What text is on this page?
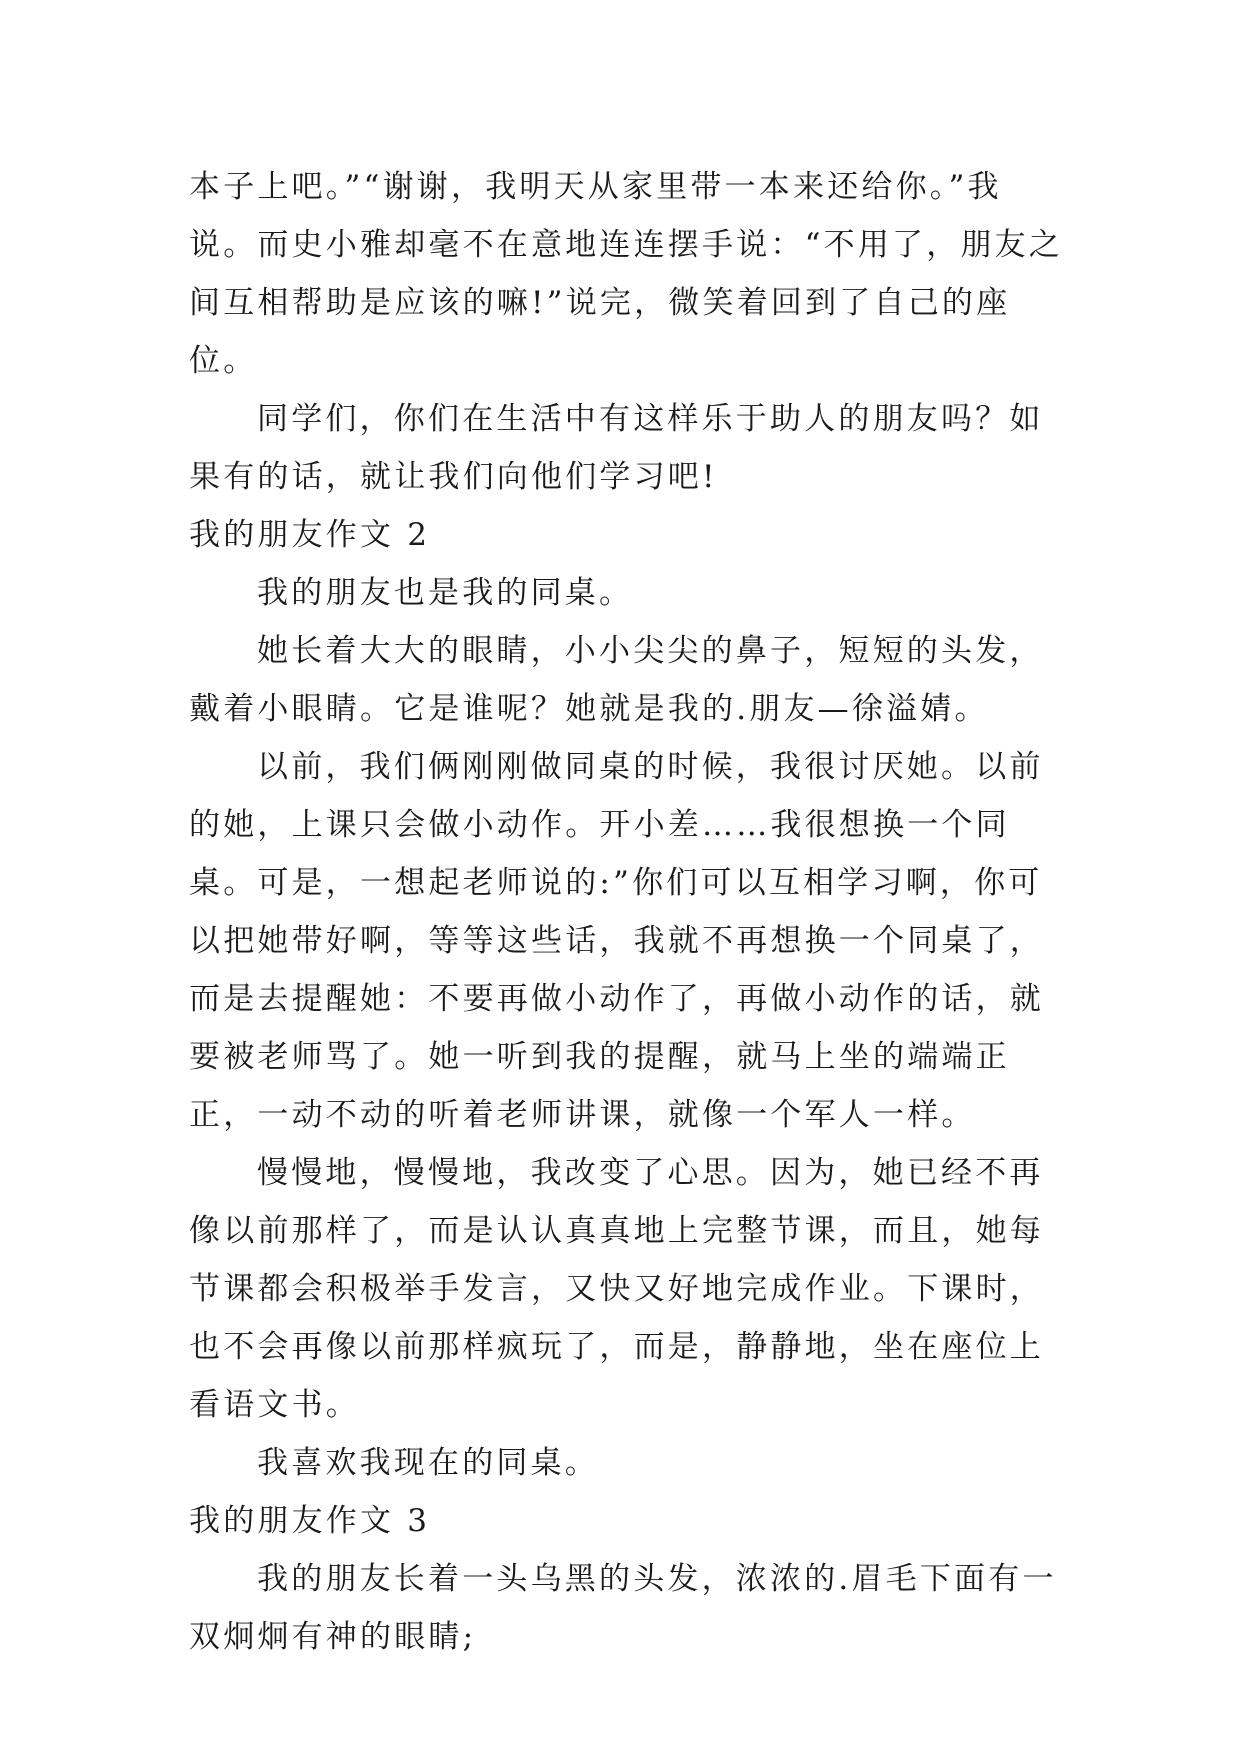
本子上吧。”“谢谢，我明天从家里带一本来还给你。”我说。而史小雅却毫不在意地连连摆手说：“不用了，朋友之间互相帮助是应该的嘛!”说完，微笑着回到了自己的座位。

同学们，你们在生活中有这样乐于助人的朋友吗？如果有的话，就让我们向他们学习吧!

我的朋友作文 2

我的朋友也是我的同桌。

她长着大大的眼睛，小小尖尖的鼻子，短短的头发，戴着小眼睛。它是谁呢？她就是我的.朋友—徐溢婧。

以前，我们俩刚刚做同桌的时候，我很讨厌她。以前的她，上课只会做小动作。开小差……我很想换一个同桌。可是，一想起老师说的:”你们可以互相学习啊，你可以把她带好啊，等等这些话，我就不再想换一个同桌了，而是去提醒她：不要再做小动作了，再做小动作的话，就要被老师骂了。她一听到我的提醒，就马上坐的端端正正，一动不动的听着老师讲课，就像一个军人一样。

慢慢地，慢慢地，我改变了心思。因为，她已经不再像以前那样了，而是认认真真地上完整节课，而且，她每节课都会积极举手发言，又快又好地完成作业。下课时，也不会再像以前那样疯玩了，而是，静静地，坐在座位上看语文书。

我喜欢我现在的同桌。

我的朋友作文 3

我的朋友长着一头乌黑的头发，浓浓的.眉毛下面有一双炯炯有神的眼睛;
